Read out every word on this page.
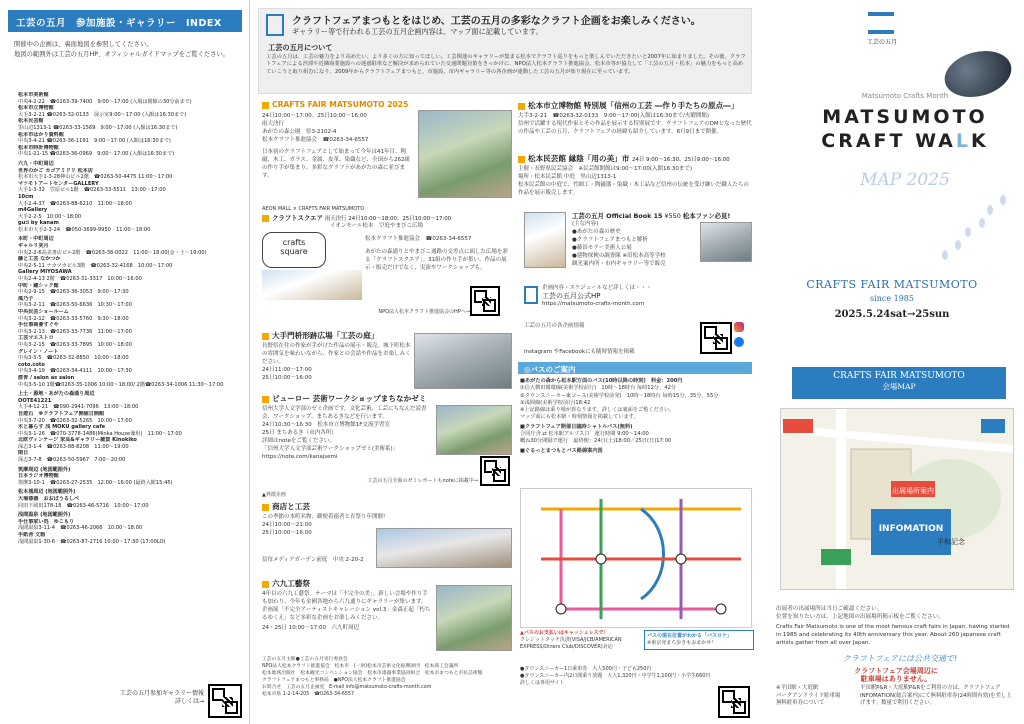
工芸の五月　参加施設・ギャラリー　INDEX
開催中の企画は、裏面地図を参照してください。
地図の範囲外は工芸の五月HP、オフィシャルガイドマップをご覧ください。
松本市美術館
中央4-2-22　☎0263-39-7400　9:00〜17:00 (入場は閉館の30分前まで)
松本市立博物館
大手3-2-21 ☎0263-32-0133　展示室9:00〜17:00 (入館は16:30まで)
松本民芸館
里山辺1313-1 ☎0263-33-1569　9:00〜17:00 (入館は16:30まで)
松本市はかり資料館
中央3-4-21 ☎0263-36-1191　9:00〜17:00 (入館は16:30まで)
松本市時計博物館
中央1-21-15 ☎0263-36-0969　9:00〜17:00 (入館は16:30まで)
六九・中町周辺
世界のかご カゴアミドリ 松本店
松本市大手1-3-28神山ビル2階　☎0263-50-4475 11:00〜17:00
マツモトアートセンターGALLERY
大手1-3-32　笠原ビル1階　☎0263-33-5511　13:00〜17:00
10cm
大手2-4-37　☎0263-88-6210　11:00〜18:00
m4Gallery
大手2-2-5　10:00〜18:00
gu:i by kanam
松本市大手2-3-24　☎050-3699-9950　11:00〜18:00
本町・中町周辺
ギャルリ灰月
中央2-2-6高美書店ビル2階　☎0263-38-0022　11:00〜18:00(金・土〜19:00)
藤と工芸 なかつか
中央2-5-11 ナカツカビル3階　☎0263-32-4168　10:00〜17:00
Gallery MIYOSAWA
中央2-4-13 2階　☎0263-31-3317　10:00〜16:00
中町・蔵シック館
中央2-9-15　☎0263-36-3053　9:00〜17:30
風乃子
中央3-2-11　☎0263-50-6636　10:30〜17:00
中央民芸ショールーム
中央3-2-12　☎0263-33-5760　9:30〜18:00
手仕事商會すぐや
中央3-2-13　☎0263-33-7736　11:00〜17:00
工芸マエストロ
中央3-2-15　☎0263-33-7895　10:00〜18:00
グレイン・ノート
中央3-5-5　☎0263-32-8850　10:00〜18:00
coto.coto
中央3-4-19　☎0263-34-4111　10:00〜17:30
群青 / salon as salon
中央3-5-10 1階☎0263-35-1006 10:00〜18:00/ 2階☎0263-34-1006 11:30〜17:00
上土・源地・あがたの森通り周辺
OOTE41221
大手4-12-21　☎090-2941-7096　13:00〜18:00
自遊石　※クラフトフェア開催日開館
中央3-7-20　☎0263-32-5265　10:00〜17:00
木と暮らす 浅 MOKU gallery cafe
中央3-1-26　☎070-3778-1486(Minka House兼用)　11:00〜17:00
北欧ヴィンテージ 家具&ギャラリー雑貨 Kinokiko
深志3-1-4　☎0263-88-8208　11:00〜19:00
閑日
深志3-7-8　☎0263-50-5967　7:00〜20:00
筑摩周辺 (地図範囲外)
日本ラジオ博物館
筑摩3-10-1　☎0263-27-2535　12:00〜16:00 (最終入館15:45)
松本城周辺 (地図範囲外)
大場漆器　おおばうるしべ
同田下岡田178-18　☎0263-46-5716　10:00〜17:00
浅間温泉 (地図範囲外)
手仕事家い処　ゆこもり
浅間温泉3-11-4　☎0263-46-2066　10:00〜18:00
手紙舎 文箱
浅間温泉1-30-6　☎0263-87-2716 10:00〜17:30 (17:00LO)
工芸の五月参加ギャラリー情報
詳しくは→
クラフトフェアまつもとをはじめ、工芸の五月の多彩なクラフト企画をお楽しみください。
ギャラリー等で行われる工芸の五月企画内容は、マップ面に記載しています。
工芸の五月について
工芸の五月は、工芸の魅力をより高めたい、より多くの方に知ってほしい。工芸関連のギャラリーが集まる松本でクラフト巡りをもっと楽しんでいただきたいと2007年に始まりました。その後、クラフトフェアによる渋滞や近隣商業施設への迷惑駐車など解決が求められていた交通問題対策をきっかけに、NPO法人松本クラフト推進協会、松本市等が協力して「工芸の五月・松本」の魅力をもっと高めていこうと取り組むになり、2009年からクラフトフェアまつもと、市施設、市内ギャラリー等の各企画が連動した工芸の五月が始り現在に至っています。
CRAFTS FAIR MATSUMOTO 2025
24日10:00〜17:00、25日10:00〜16:00
雨天決行
あがたの森公園　県3-2102-4
松本クラフト推進協会　☎0263-34-6557
日本初のクラフトフェアとして始まって今年は41年目。陶磁、木工、ガラス、金属、皮革、染織など、全国から262組の作り手が集まり、多彩なクラフトがあがたの森に並びます。
AEON MALL × CRAFTS FAIR MATSUMOTO
クラフトスクエア 雨天決行 24日10:00〜18:00、25日10:00〜17:00
イオンモール松本　空庭やまびこ広場
crafts
square
松本クラフト推進協会　☎0263-34-6557
あがたの森通りとやまびこ通路の交差点に面した広場を彩る「クラフトスクエア」。31組の作り手が集い、作品の展示・販売だけでなく、実演やワークショップも。
NPO法人松本クラフト推進協会のHPへ→
大手門枡形跡広場「工芸の庭」
長野県在住の作家が手がけた作品の展示・販売。城下町松本の雰囲気を味わいながら、作家との会話や作品をお楽しみください。
24日11:00〜17:00
25日10:00〜16:00
ビューロー 芸術ワークショップまちなかゼミ
信州大学人文学部のゼミ企画です。文化芸術、工芸にちなんだ読書会、ワークショップ、まちあるきなどを行います。
24日10:30〜16:30　松本市立博物館1F交流学習室
25日 まちあるき（市内各所）
詳細はnoteをご覧ください。
「信州大学人文学部芸術ワークショップゼミ(美術系)」
https://note.com/kanajsemi
工芸の五月全面のゼミレポートもnoteに掲載中→
▲界隈企画
商店と工芸
この季節の本町名物、御便着徳者と育祭り年開催!
24日10:00〜21:00
25日10:00〜16:00
信每メディアガーデン前庭　中央 2-20-2
六九工藝祭
4年目の六九工藝祭。テーマは「不完全の美」。新しい会場や作り手も加わり、今年も金國各地から六九通りにギャラリーが集います。企画展「不完全アーティストキャレーション vol.3」金森正起「朽ちるゆくえ」など多彩な企画をお楽しみください。
24・25日 10:00〜17:00　六九町周辺
工芸の五月主催●工芸の五月実行委員会
NPO法人松本クラフト推進協会　松本市　(一財)松本市芸術文化振興財団　松本商工会議所
松本地域出版社　松本観光コンベンション協会　松本市漆器事業協同組合　松本市まつもと市民芸術館
クラフトフェアまつもと事務局　●NPO法人松本クラフト推進協会
お問合せ　工芸の五月企画室　E-mail info@matsumoto-crafts-month.com
松本市県 1-2-14-205　☎0263-34-6557
松本市立博物館 特別展「信州の工芸 ―作り手たちの原点―」
大手3-2-21　☎0263-32-0133　9:00〜17:00(入館は16:30まで/火曜開館)
信州で活躍する現代作家とその作品を展示する特別展です。クラフトフェアのDMとなった歴代の作品や工芸の五月、クラフトフェアの経緯も紹介しています。6月9日まで開催。
松本民芸館 縁陰「用の美」市 24日 9:00〜16:30、25日9:00〜16:00
主催・長野県民芸協会　 ※民芸館開館は9:00〜17:00(入館16:30まで)
場所・松本民芸館 中庭　里山辺1313-1
松本民芸館の中庭で、竹細工・陶磁器・染織・木工品など信州の伝統を受け継いだ職人たちの作品を展示販売します。
工芸の五月 Official Book 15 ¥550 松本ファン必見!
(主な内容)
●あがたの森の歴史
●クラフトフェアまつもと解析
●藤田モラー美術人公展
●建物探検の調査隊 ※旧松本高等学校
観光案内所・市内ギャラリー等で販売
企画内容・スケジュールなど詳しくは・・・
工芸の五月公式HP
https://matsumoto-crafts-month.com
工芸の五月の各企画情報
Instagram やFacebookにも随時情報を掲載
◎バスのご案内
■あがたの森から松本駅方面のバス(10時以降の時刻)　料金：200円
①信大横田循環線(美術学校前行)　10時〜18時台 毎時12分、42分
②タウンスニーカー東コース(美術学校前発)　10時〜18時台 毎時15分、35分、55分
③浅間線(美術学校前行)18:42
※上記路線は乗り場が異なります。詳しくは裏面をご覧ください。
マップ面にも松本駅・時刻情報を掲載しています。
■クラフトフェア開催日臨時シャトルバス(無料)
合同庁舎 ⇄ 松本駅アルプス口　運行時間 9:00〜14:00
概ね30分間隔で運行　最終便：24日(土)18:00／25日(日)17:00
■ぐるっとまつもとバス路線案内図
▲バスのお支払いはキャッシュレスで！
クレジットタッチ決済(VISA/JCB/AMERICAN EXPRESS/Diners Club/DISCOVER)対応
バスの現在位置がわかる「バスロケ」
※東京発まち歩きもおまかせ！
●タウンスニーカー1日乗車券　大人500円・子ども250円
●タウンスニーカー内2日間乗り放題　大人1,320円・中学生1,100円・小学生660円
詳しくは専用サイト
工芸の五月
Matsumoto Crafts Month
MATSUMOTO
CRAFT WALK
MAP 2025
CRAFTS FAIR MATSUMOTO
since 1985
2025.5.24sat→25sun
CRAFTS FAIR MATSUMOTO
会場MAP
出展場所案内
INFOMATION
平和記念
出展者の出展場所は当日ご確認ください。
位置を知りたい方は、上記地図の出展場所掲示板をご覧ください。
Crafts Fair Matsumoto is one of the most famous craft fairs in Japan, having started in 1985 and celebrating its 40th anniversary this year. About 260 japanese craft artists gather from all over Japan.
クラフトフェアには公共交通で!
クラフトフェア会場周辺に
駐車場はありません。
※平田駅・大庭駅
パークアンドライド駐車場
無料駐車券について
平田駅P&R・大庭駅P&Rをご利用の方は、クラフトフェア INFOMATION(総合案内)にて無料駐車券(24時間有効)を差し上げます。数量で利用ください。
